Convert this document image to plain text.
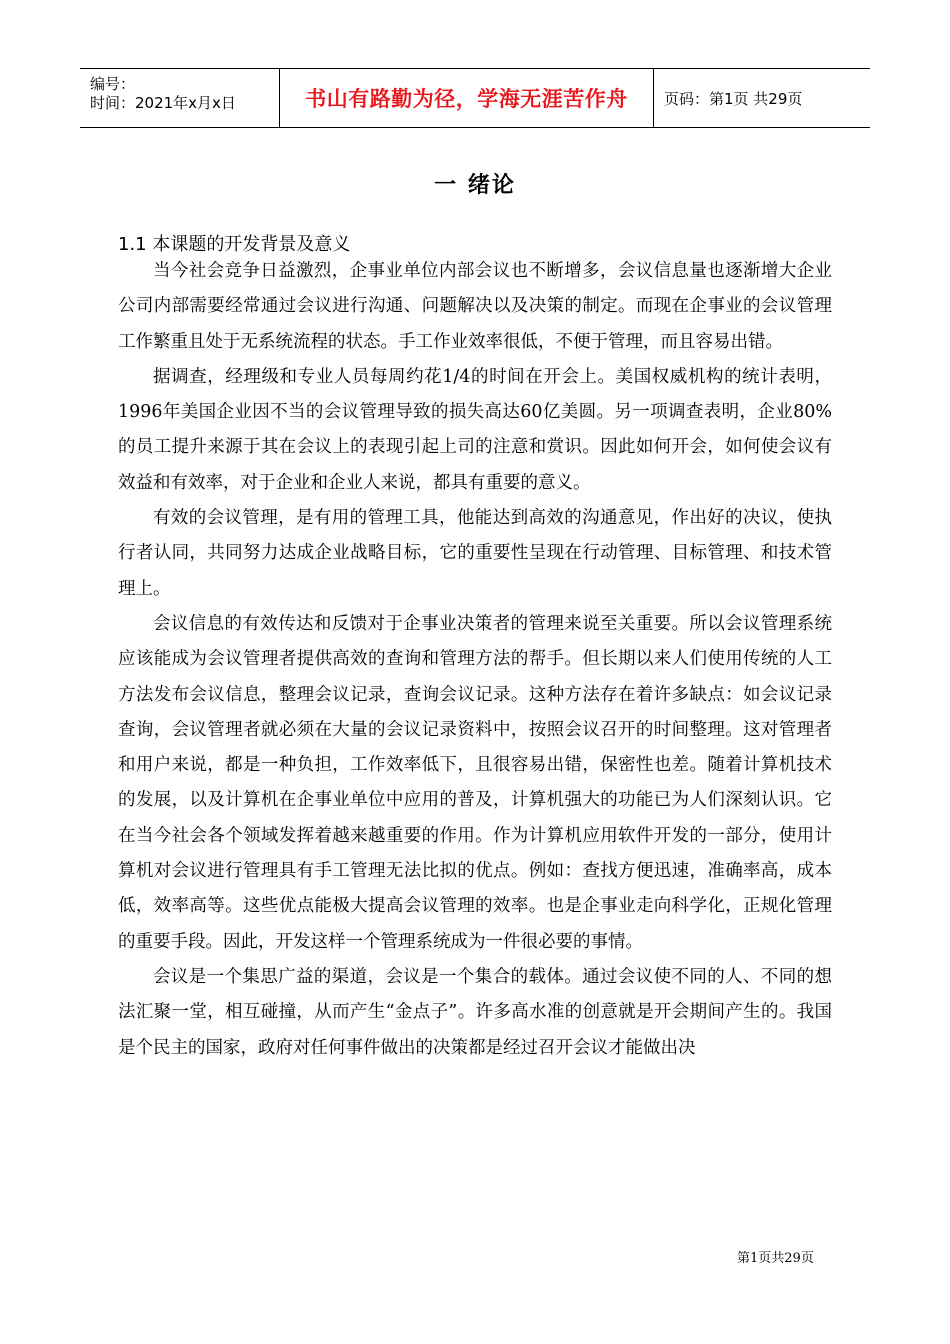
编号：
时间：2021年x月x日	书山有路勤为径，学海无涯苦作舟	页码：第1页 共29页
一 绪论
1.1 本课题的开发背景及意义

当今社会竞争日益激烈，企事业单位内部会议也不断增多，会议信息量也逐渐增大企业公司内部需要经常通过会议进行沟通、问题解决以及决策的制定。而现在企事业的会议管理工作繁重且处于无系统流程的状态。手工作业效率很低，不便于管理，而且容易出错。

据调查，经理级和专业人员每周约花1/4的时间在开会上。美国权威机构的统计表明，1996年美国企业因不当的会议管理导致的损失高达60亿美圆。另一项调查表明，企业80%的员工提升来源于其在会议上的表现引起上司的注意和赏识。因此如何开会，如何使会议有效益和有效率，对于企业和企业人来说，都具有重要的意义。

有效的会议管理，是有用的管理工具，他能达到高效的沟通意见，作出好的决议，使执行者认同，共同努力达成企业战略目标，它的重要性呈现在行动管理、目标管理、和技术管理上。

会议信息的有效传达和反馈对于企事业决策者的管理来说至关重要。所以会议管理系统应该能成为会议管理者提供高效的查询和管理方法的帮手。但长期以来人们使用传统的人工方法发布会议信息，整理会议记录，查询会议记录。这种方法存在着许多缺点：如会议记录查询，会议管理者就必须在大量的会议记录资料中，按照会议召开的时间整理。这对管理者和用户来说，都是一种负担，工作效率低下，且很容易出错，保密性也差。随着计算机技术的发展，以及计算机在企事业单位中应用的普及，计算机强大的功能已为人们深刻认识。它在当今社会各个领域发挥着越来越重要的作用。作为计算机应用软件开发的一部分，使用计算机对会议进行管理具有手工管理无法比拟的优点。例如：查找方便迅速，准确率高，成本低，效率高等。这些优点能极大提高会议管理的效率。也是企事业走向科学化，正规化管理的重要手段。因此，开发这样一个管理系统成为一件很必要的事情。

会议是一个集思广益的渠道，会议是一个集合的载体。通过会议使不同的人、不同的想法汇聚一堂，相互碰撞，从而产生“金点子”。许多高水准的创意就是开会期间产生的。我国是个民主的国家，政府对任何事件做出的决策都是经过召开会议才能做出决

第1页共29页
